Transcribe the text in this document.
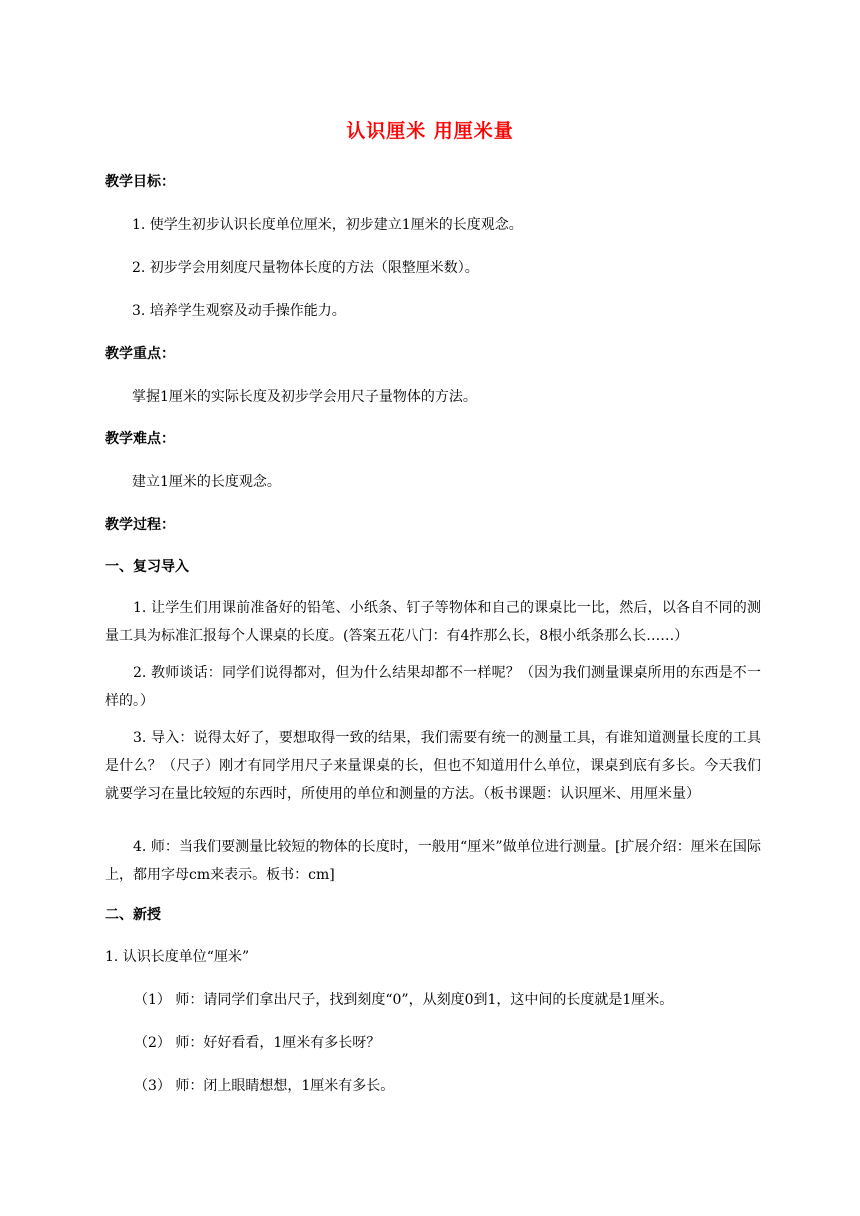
认识厘米 用厘米量
教学目标：
1. 使学生初步认识长度单位厘米，初步建立1厘米的长度观念。
2. 初步学会用刻度尺量物体长度的方法（限整厘米数）。
3. 培养学生观察及动手操作能力。
教学重点：
掌握1厘米的实际长度及初步学会用尺子量物体的方法。
教学难点：
建立1厘米的长度观念。
教学过程：
一、复习导入
1. 让学生们用课前准备好的铅笔、小纸条、钉子等物体和自己的课桌比一比，然后，以各自不同的测量工具为标准汇报每个人课桌的长度。(答案五花八门：有4拃那么长，8根小纸条那么长……）
2. 教师谈话：同学们说得都对，但为什么结果却都不一样呢？（因为我们测量课桌所用的东西是不一样的。）
3. 导入：说得太好了，要想取得一致的结果，我们需要有统一的测量工具，有谁知道测量长度的工具是什么？（尺子）刚才有同学用尺子来量课桌的长，但也不知道用什么单位，课桌到底有多长。今天我们就要学习在量比较短的东西时，所使用的单位和测量的方法。（板书课题：认识厘米、用厘米量）
4. 师：当我们要测量比较短的物体的长度时，一般用“厘米”做单位进行测量。[扩展介绍：厘米在国际上，都用字母cm来表示。板书：cm]
二、新授
1. 认识长度单位“厘米”
（1） 师：请同学们拿出尺子，找到刻度“0”，从刻度0到1，这中间的长度就是1厘米。
（2） 师：好好看看，1厘米有多长呀？
（3） 师：闭上眼睛想想，1厘米有多长。
